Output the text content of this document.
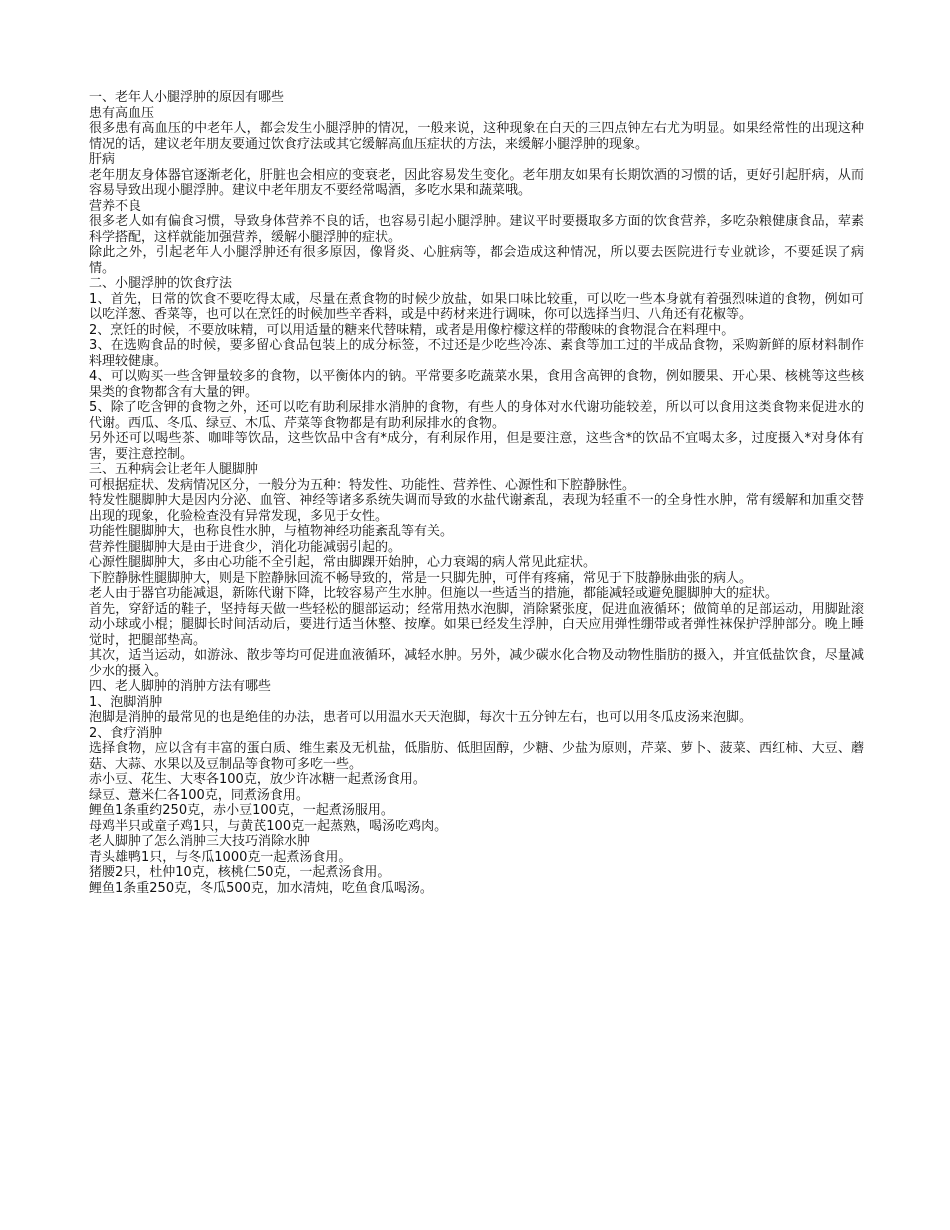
一、老年人小腿浮肿的原因有哪些
患有高血压
很多患有高血压的中老年人，都会发生小腿浮肿的情况，一般来说，这种现象在白天的三四点钟左右尤为明显。如果经常性的出现这种情况的话，建议老年朋友要通过饮食疗法或其它缓解高血压症状的方法，来缓解小腿浮肿的现象。
肝病
老年朋友身体器官逐渐老化，肝脏也会相应的变衰老，因此容易发生变化。老年朋友如果有长期饮酒的习惯的话，更好引起肝病，从而容易导致出现小腿浮肿。建议中老年朋友不要经常喝酒，多吃水果和蔬菜哦。
营养不良
很多老人如有偏食习惯，导致身体营养不良的话，也容易引起小腿浮肿。建议平时要摄取多方面的饮食营养，多吃杂粮健康食品，荤素科学搭配，这样就能加强营养，缓解小腿浮肿的症状。
除此之外，引起老年人小腿浮肿还有很多原因，像肾炎、心脏病等，都会造成这种情况，所以要去医院进行专业就诊，不要延误了病情。
二、小腿浮肿的饮食疗法
1、首先，日常的饮食不要吃得太咸，尽量在煮食物的时候少放盐，如果口味比较重，可以吃一些本身就有着强烈味道的食物，例如可以吃洋葱、香菜等，也可以在烹饪的时候加些辛香料，或是中药材来进行调味，你可以选择当归、八角还有花椒等。
2、烹饪的时候，不要放味精，可以用适量的糖来代替味精，或者是用像柠檬这样的带酸味的食物混合在料理中。
3、在选购食品的时候，要多留心食品包装上的成分标签，不过还是少吃些冷冻、素食等加工过的半成品食物，采购新鲜的原材料制作料理较健康。
4、可以购买一些含钾量较多的食物，以平衡体内的钠。平常要多吃蔬菜水果，食用含高钾的食物，例如腰果、开心果、核桃等这些核果类的食物都含有大量的钾。
5、除了吃含钾的食物之外，还可以吃有助利尿排水消肿的食物，有些人的身体对水代谢功能较差，所以可以食用这类食物来促进水的代谢。西瓜、冬瓜、绿豆、木瓜、芹菜等食物都是有助利尿排水的食物。
另外还可以喝些茶、咖啡等饮品，这些饮品中含有*成分，有利尿作用，但是要注意，这些含*的饮品不宜喝太多，过度摄入*对身体有害，要注意控制。
三、五种病会让老年人腿脚肿
可根据症状、发病情况区分，一般分为五种：特发性、功能性、营养性、心源性和下腔静脉性。
特发性腿脚肿大是因内分泌、血管、神经等诸多系统失调而导致的水盐代谢紊乱，表现为轻重不一的全身性水肿，常有缓解和加重交替出现的现象，化验检查没有异常发现，多见于女性。
功能性腿脚肿大，也称良性水肿，与植物神经功能紊乱等有关。
营养性腿脚肿大是由于进食少，消化功能减弱引起的。
心源性腿脚肿大，多由心功能不全引起，常由脚踝开始肿，心力衰竭的病人常见此症状。
下腔静脉性腿脚肿大，则是下腔静脉回流不畅导致的，常是一只脚先肿，可伴有疼痛，常见于下肢静脉曲张的病人。
老人由于器官功能减退，新陈代谢下降，比较容易产生水肿。但施以一些适当的措施，都能减轻或避免腿脚肿大的症状。
首先，穿舒适的鞋子，坚持每天做一些轻松的腿部运动；经常用热水泡脚，消除紧张度，促进血液循环；做简单的足部运动，用脚趾滚动小球或小棍；腿脚长时间活动后，要进行适当休整、按摩。如果已经发生浮肿，白天应用弹性绷带或者弹性袜保护浮肿部分。晚上睡觉时，把腿部垫高。
其次，适当运动，如游泳、散步等均可促进血液循环，减轻水肿。另外，减少碳水化合物及动物性脂肪的摄入，并宜低盐饮食，尽量减少水的摄入。
四、老人脚肿的消肿方法有哪些
1、泡脚消肿
泡脚是消肿的最常见的也是绝佳的办法，患者可以用温水天天泡脚，每次十五分钟左右，也可以用冬瓜皮汤来泡脚。
2、食疗消肿
选择食物，应以含有丰富的蛋白质、维生素及无机盐，低脂肪、低胆固醇，少糖、少盐为原则，芹菜、萝卜、菠菜、西红柿、大豆、蘑菇、大蒜、水果以及豆制品等食物可多吃一些。
赤小豆、花生、大枣各100克，放少许冰糖一起煮汤食用。
绿豆、薏米仁各100克，同煮汤食用。
鲤鱼1条重约250克，赤小豆100克，一起煮汤服用。
母鸡半只或童子鸡1只，与黄芪100克一起蒸熟，喝汤吃鸡肉。
老人脚肿了怎么消肿三大技巧消除水肿
青头雄鸭1只，与冬瓜1000克一起煮汤食用。
猪腰2只，杜仲10克，核桃仁50克，一起煮汤食用。
鲤鱼1条重250克，冬瓜500克，加水清炖，吃鱼食瓜喝汤。
